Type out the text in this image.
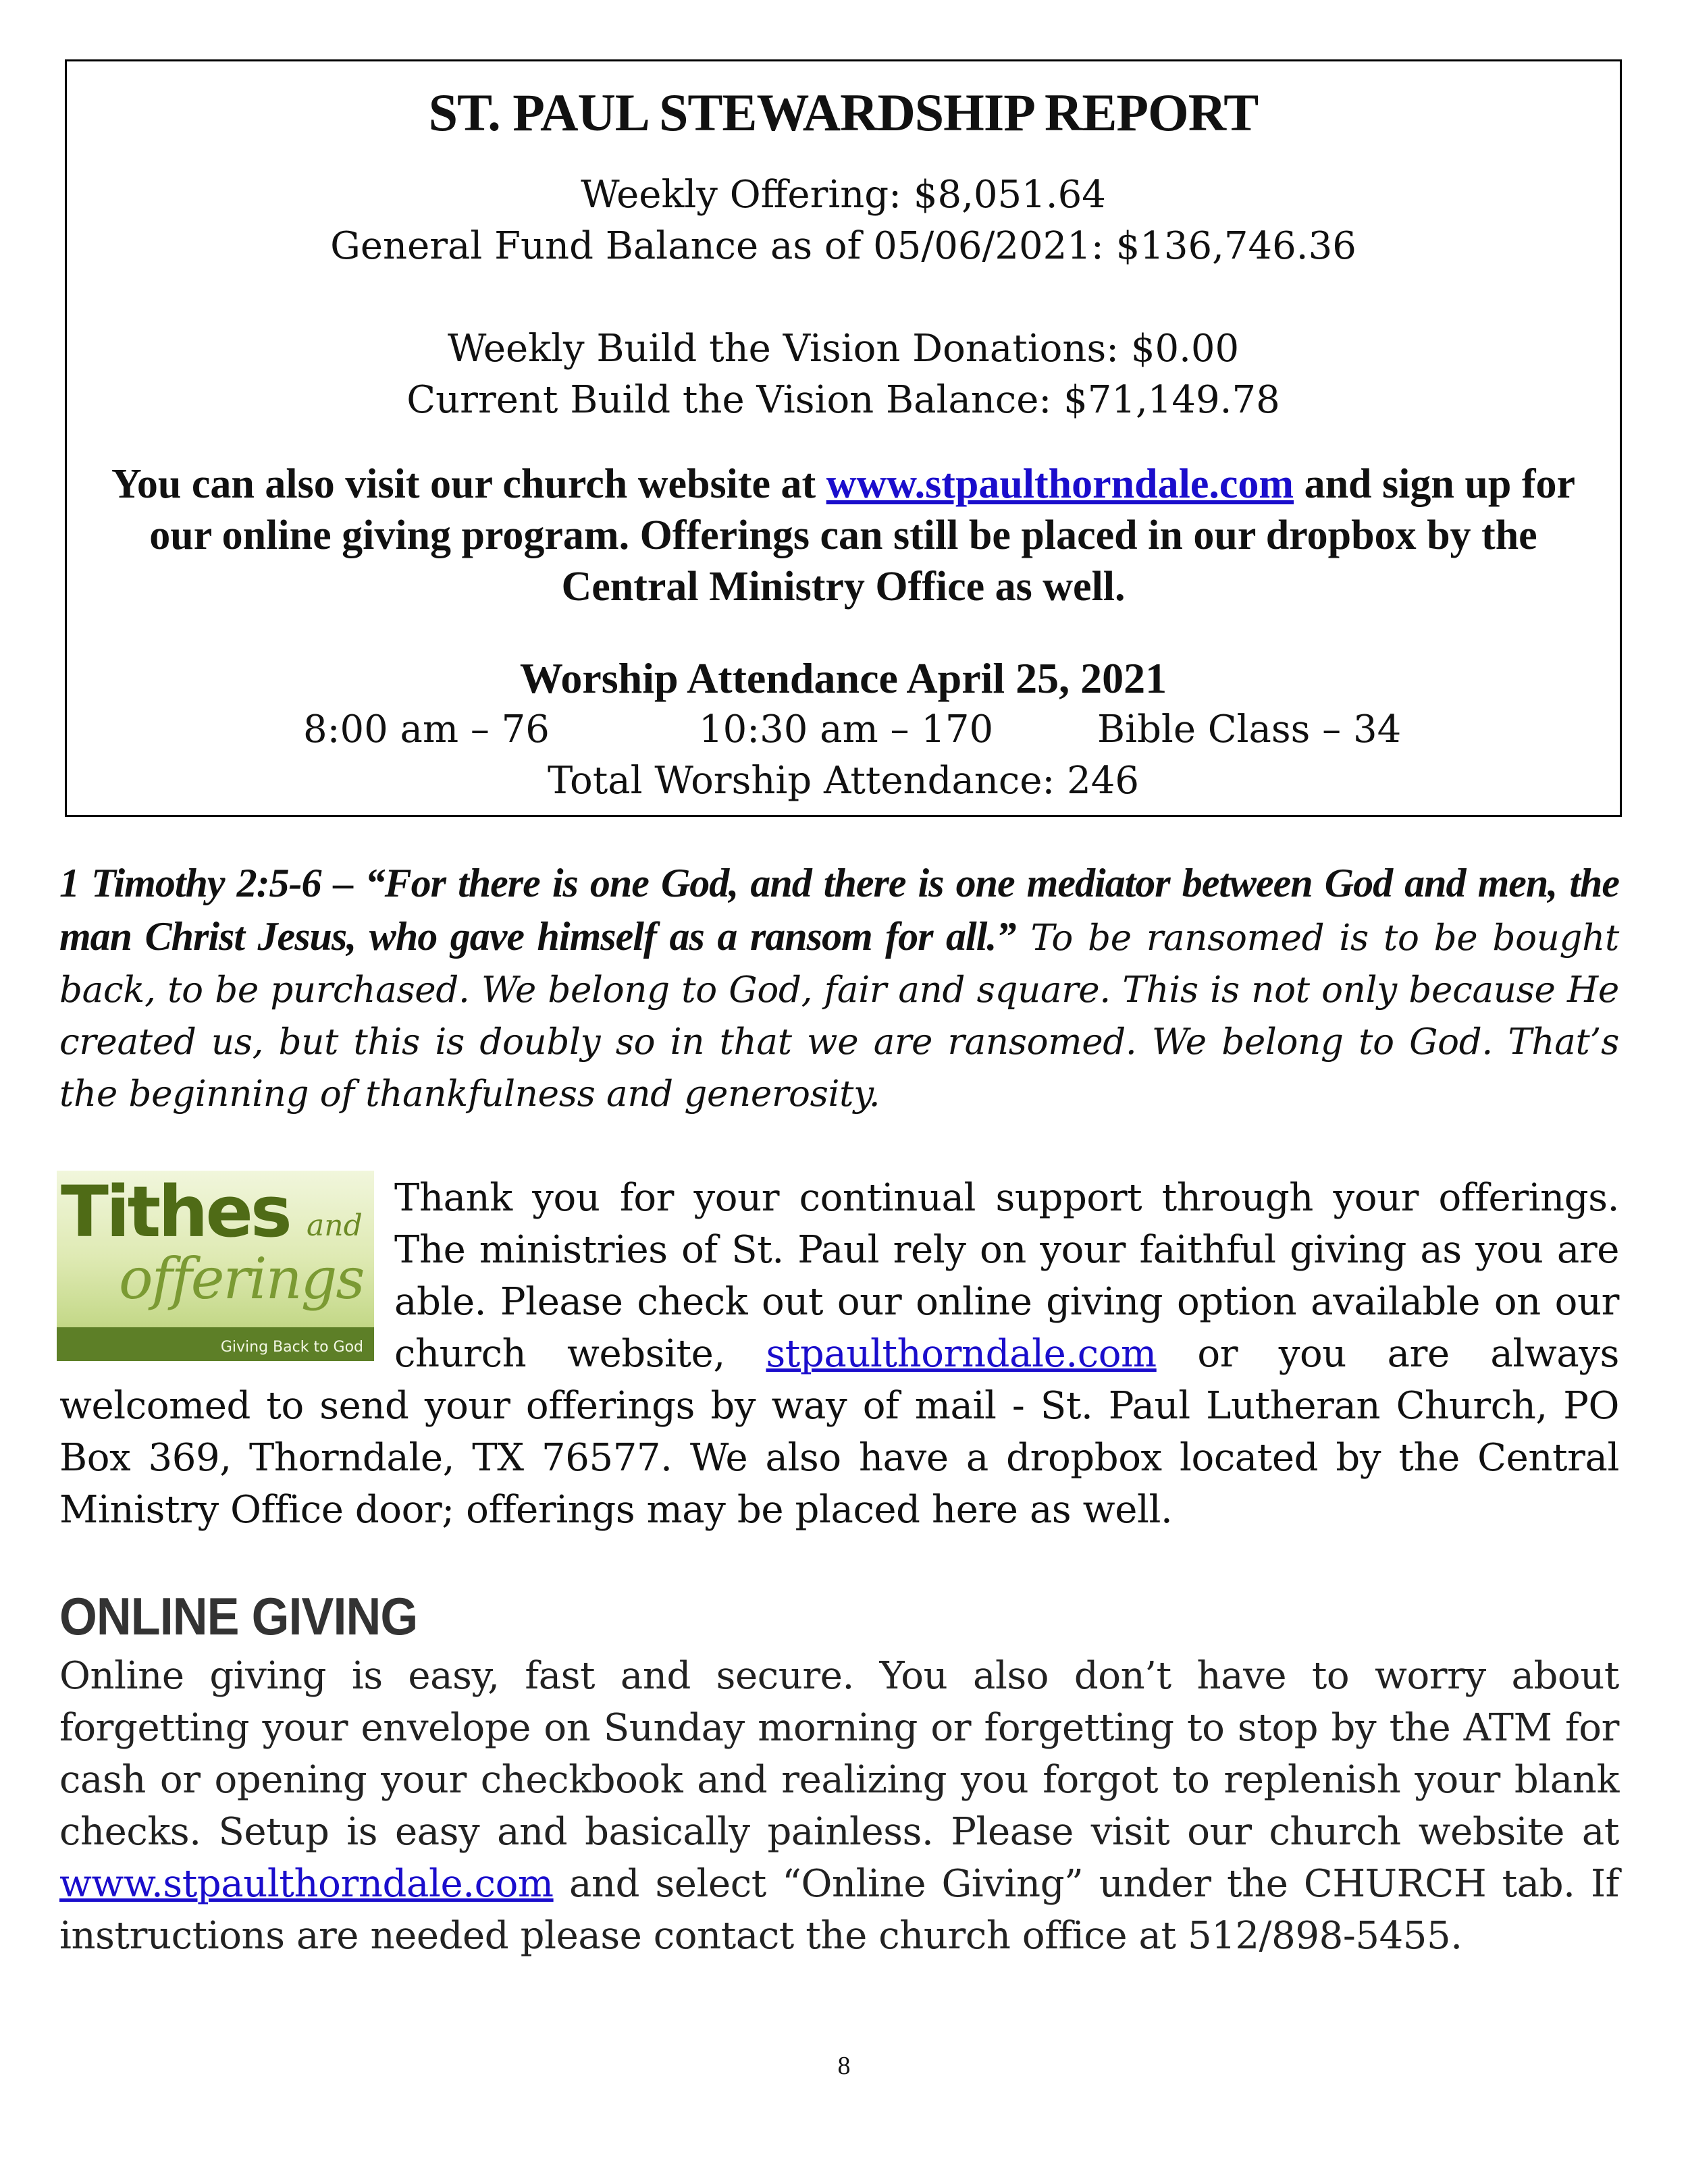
ST. PAUL STEWARDSHIP REPORT
Weekly Offering: $8,051.64
General Fund Balance as of 05/06/2021: $136,746.36
Weekly Build the Vision Donations: $0.00
Current Build the Vision Balance: $71,149.78
You can also visit our church website at www.stpaulthorndale.com and sign up for our online giving program. Offerings can still be placed in our dropbox by the Central Ministry Office as well.
Worship Attendance April 25, 2021
8:00 am – 76	10:30 am – 170	Bible Class – 34
Total Worship Attendance: 246

1 Timothy 2:5-6 – “For there is one God, and there is one mediator between God and men, the man Christ Jesus, who gave himself as a ransom for all.” To be ransomed is to be bought back, to be purchased. We belong to God, fair and square. This is not only because He created us, but this is doubly so in that we are ransomed. We belong to God. That’s the beginning of thankfulness and generosity.

Tithes and
offerings
Giving Back to God
Thank you for your continual support through your offerings.
The ministries of St. Paul rely on your faithful giving as you are
able. Please check out our online giving option available on our
church website, stpaulthorndale.com or you are always

welcomed to send your offerings by way of mail - St. Paul Lutheran Church, PO Box 369, Thorndale, TX 76577. We also have a dropbox located by the Central Ministry Office door; offerings may be placed here as well.

ONLINE GIVING

Online giving is easy, fast and secure. You also don’t have to worry about forgetting your envelope on Sunday morning or forgetting to stop by the ATM for cash or opening your checkbook and realizing you forgot to replenish your blank checks. Setup is easy and basically painless. Please visit our church website at www.stpaulthorndale.com and select “Online Giving” under the CHURCH tab. If instructions are needed please contact the church office at 512/898-5455.

8
